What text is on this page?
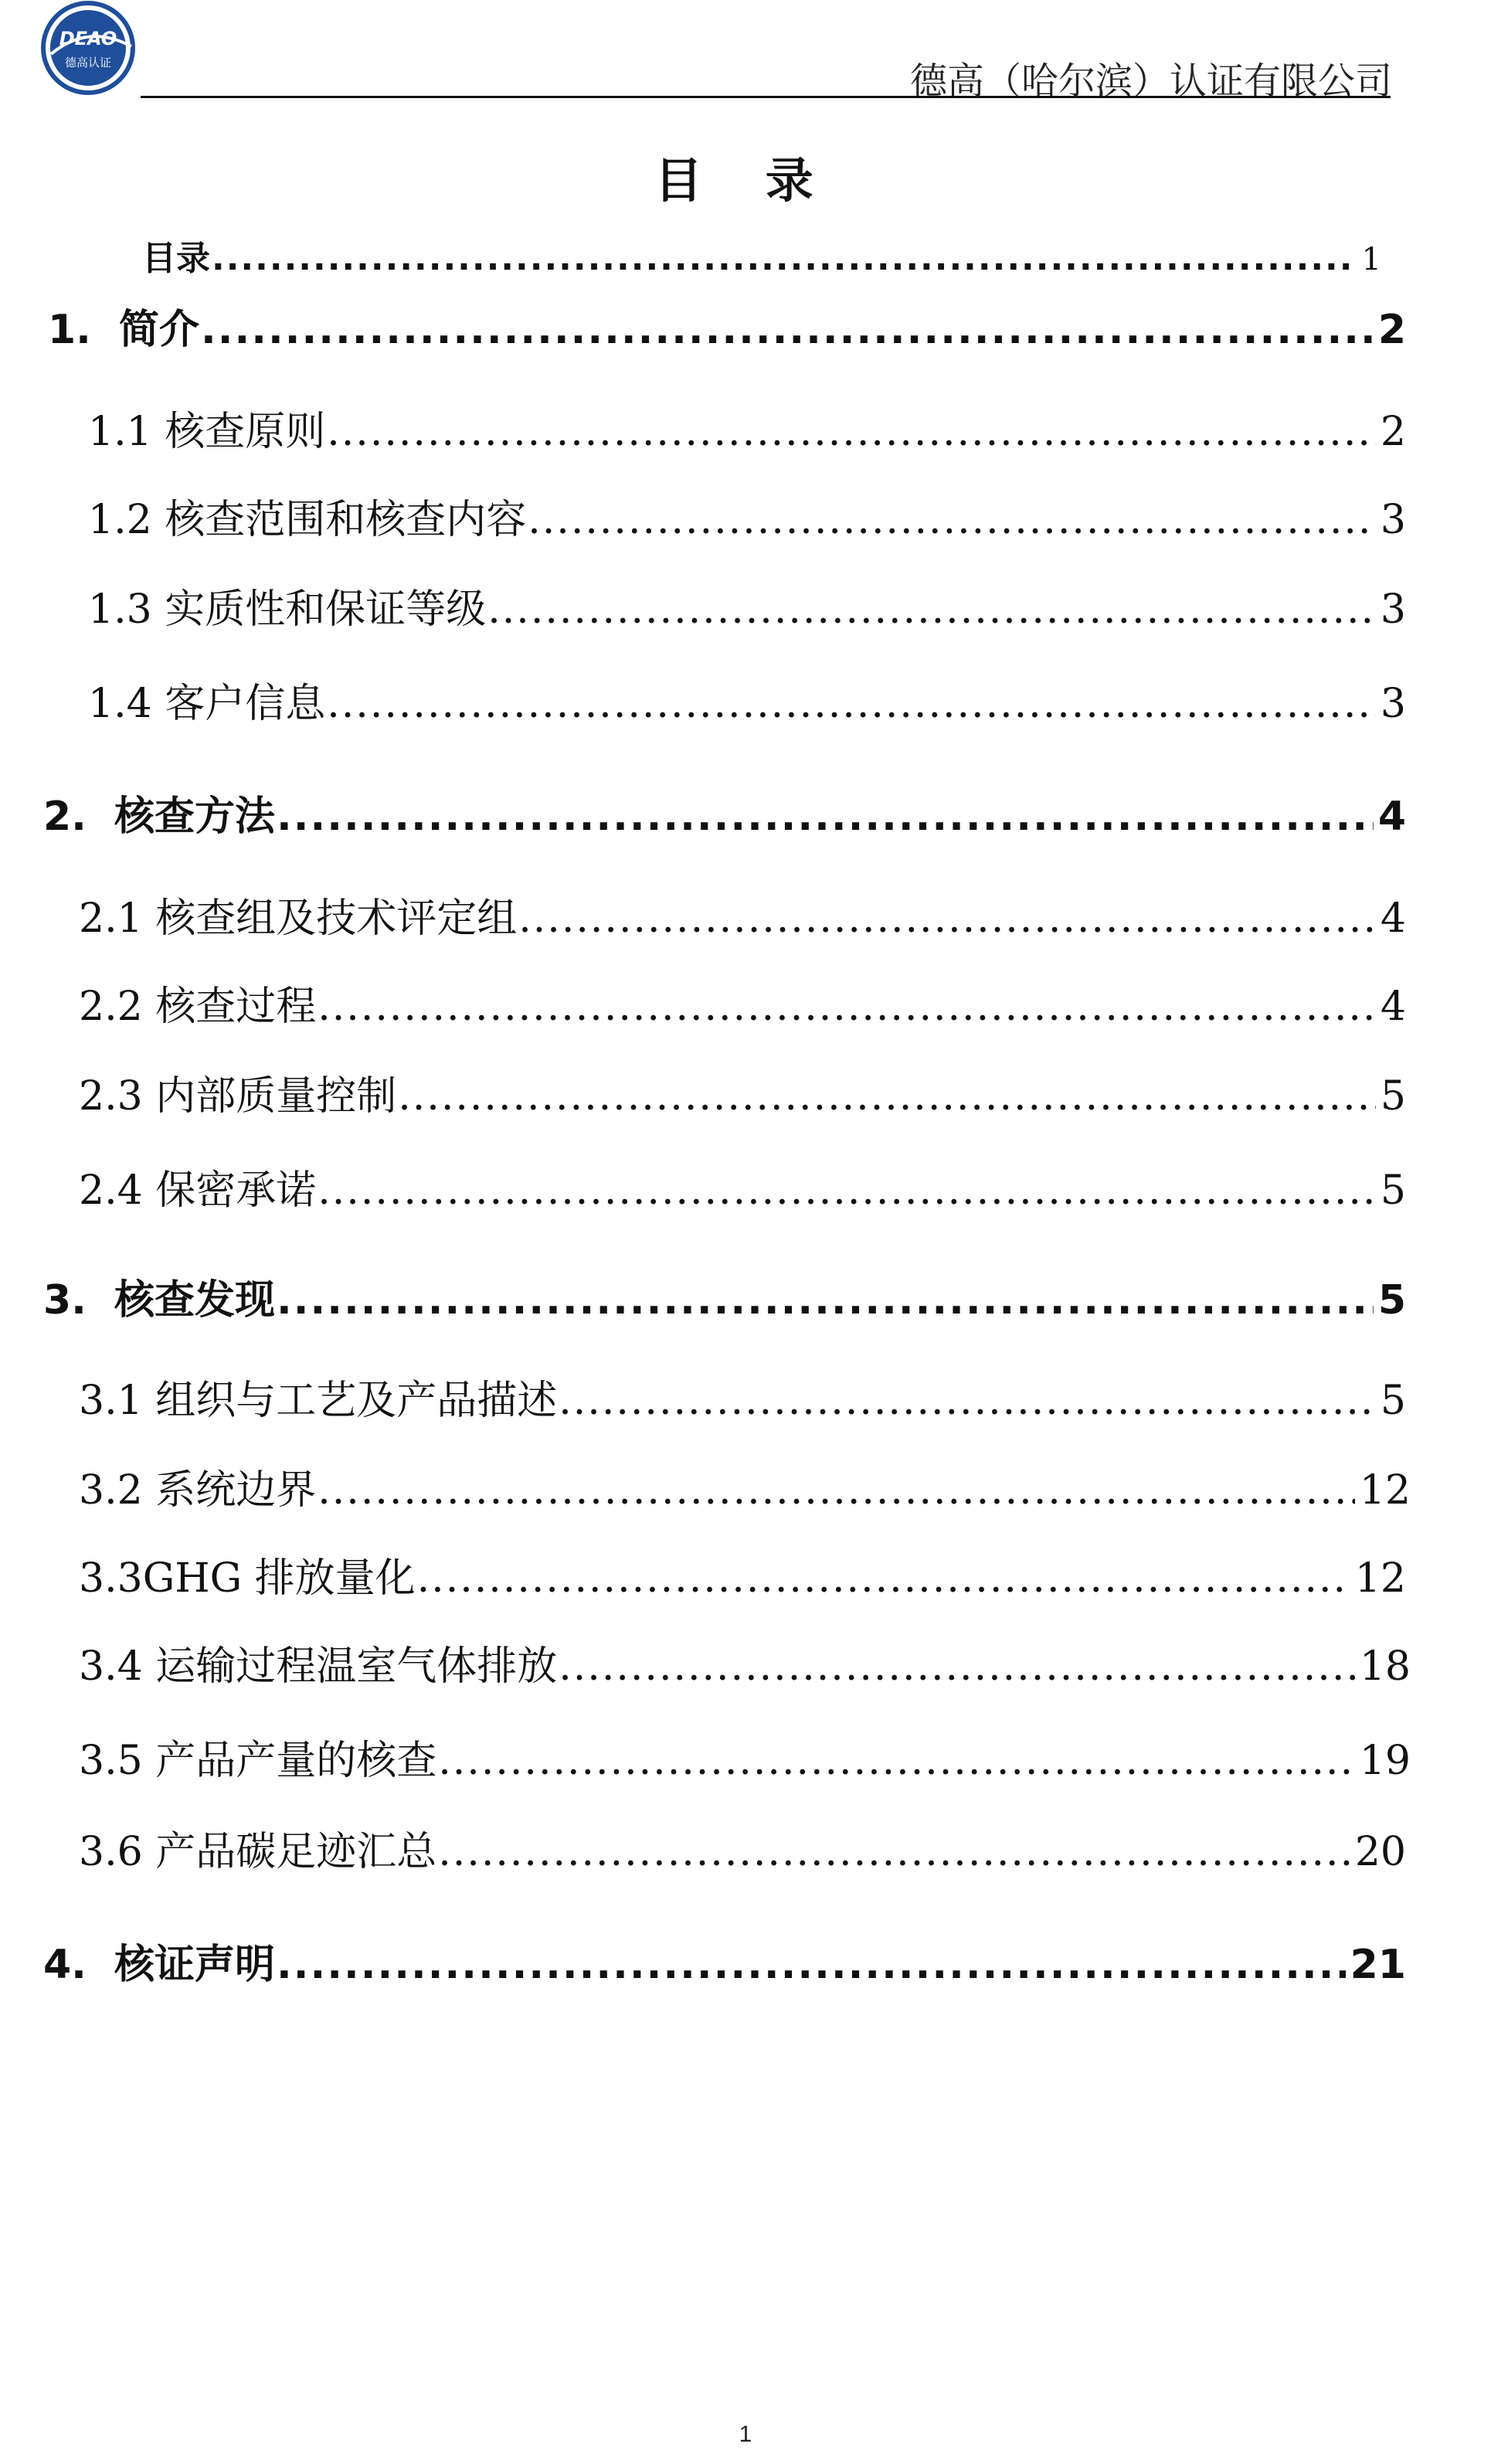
DEAO
德高认证	德高（哈尔滨）认证有限公司
目 录
目录 .....	1
1. 简介 .....	2
1.1 核查原则 .....	2
1.2 核查范围和核查内容 .....	3
1.3 实质性和保证等级 .....	3
1.4 客户信息 .....	3
2. 核查方法 .....	4
2.1 核查组及技术评定组 .....	4
2.2 核查过程 .....	4
2.3 内部质量控制 .....	5
2.4 保密承诺 .....	5
3. 核查发现 .....	5
3.1 组织与工艺及产品描述 .....	5
3.2 系统边界 .....	12
3.3GHG 排放量化 .....	12
3.4 运输过程温室气体排放 .....	18
3.5 产品产量的核查 .....	19
3.6 产品碳足迹汇总 .....	20
4. 核证声明 .....	21
1
